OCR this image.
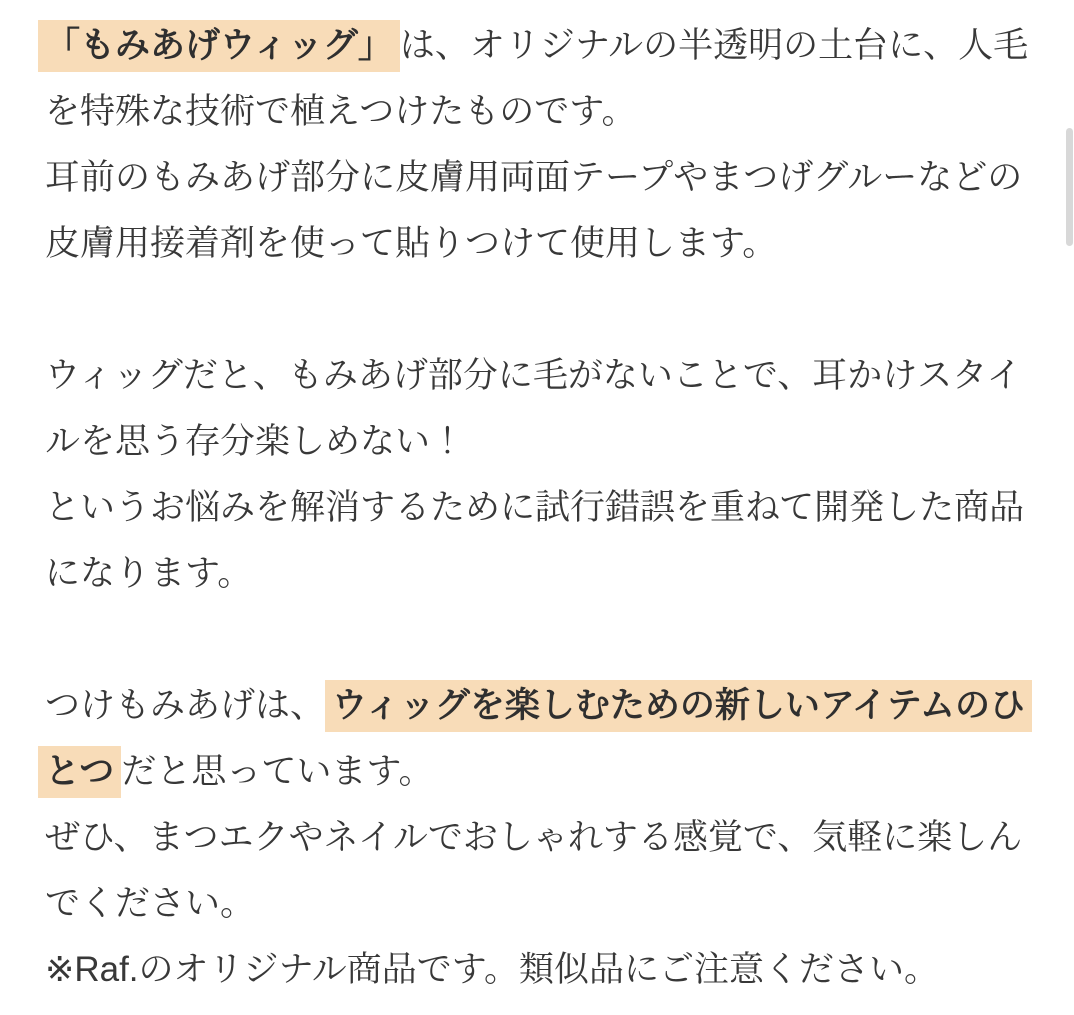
「もみあげウィッグ」 は、オリジナルの半透明の土台に、人毛
を特殊な技術で植えつけたものです。
耳前のもみあげ部分に皮膚用両面テープやまつげグルーなどの
皮膚用接着剤を使って貼りつけて使用します。
ウィッグだと、もみあげ部分に毛がないことで、耳かけスタイ
ルを思う存分楽しめない！
というお悩みを解消するために試行錯誤を重ねて開発した商品
になります。
つけもみあげは、 ウィッグを楽しむための新しいアイテムのひ
とつ だと思っています。
ぜひ、まつエクやネイルでおしゃれする感覚で、気軽に楽しん
でください。
※Raf.のオリジナル商品です。類似品にご注意ください。
